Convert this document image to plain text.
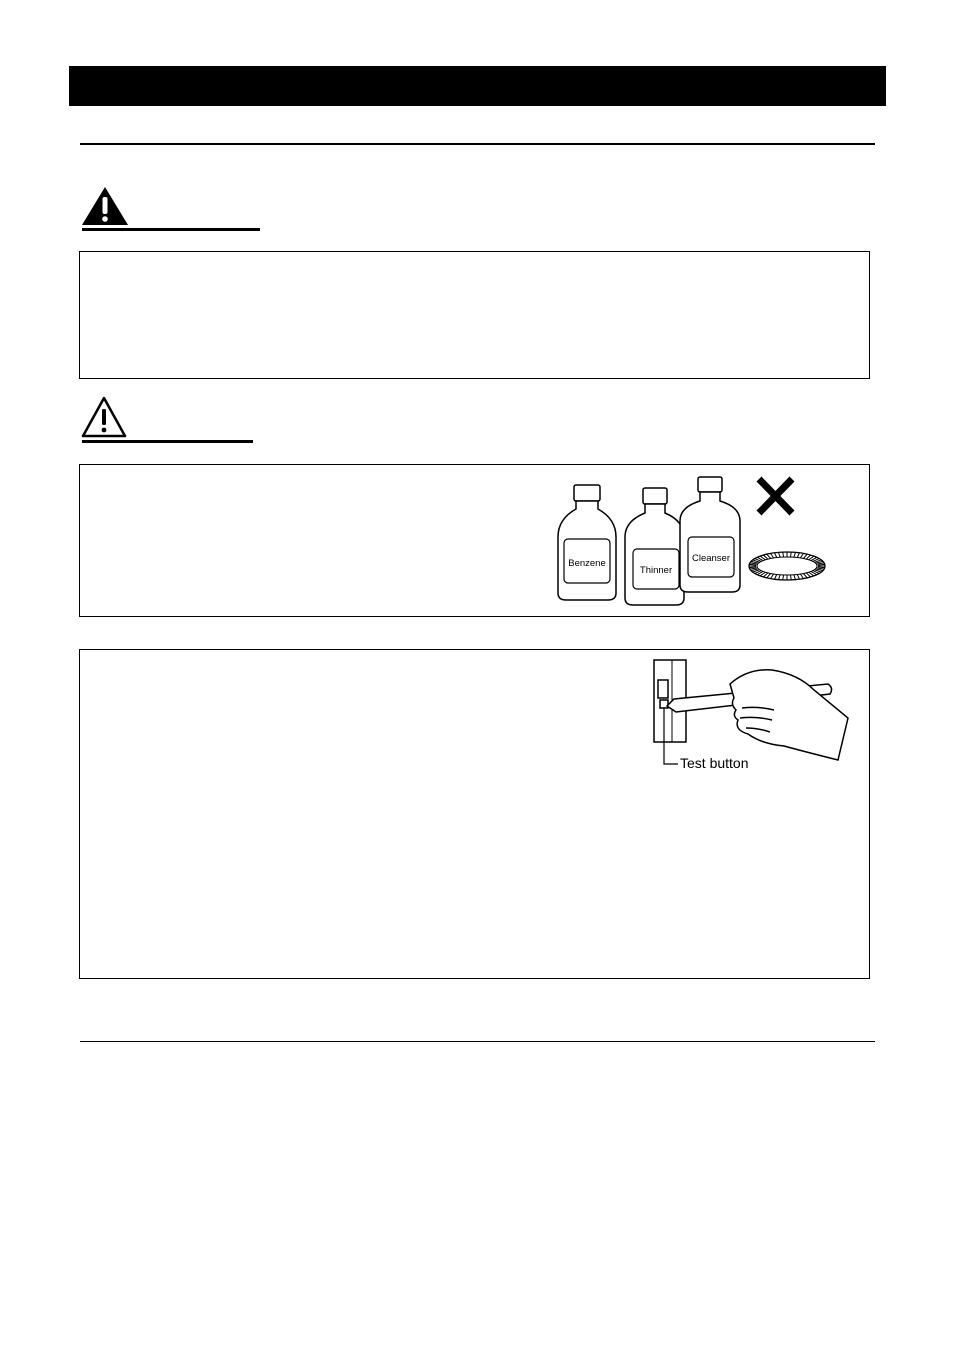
Benzene
Thinner
Cleanser
Test button
